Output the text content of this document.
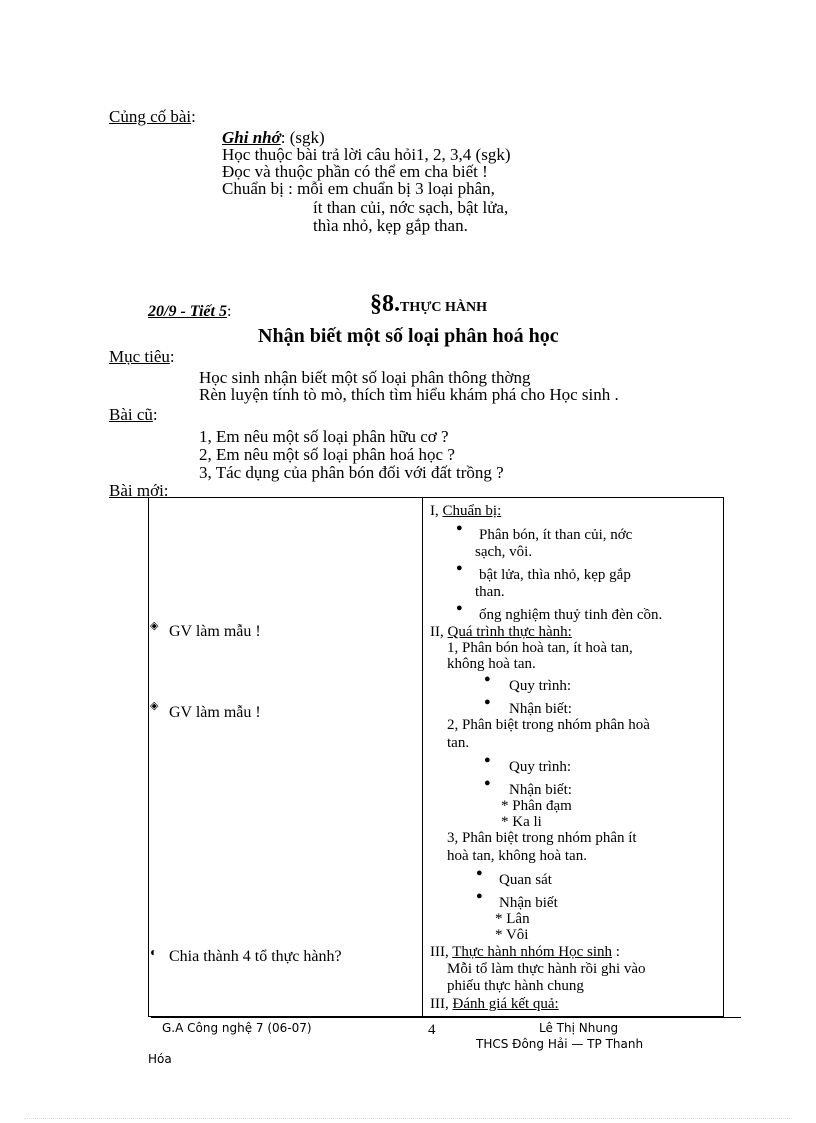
Củng cố bài:
Ghi nhớ: (sgk)
Học thuộc bài trả lời câu hỏi1, 2, 3,4 (sgk)
Đọc và thuộc phần có thể em cha biết !
Chuẩn bị : mỗi em chuẩn bị 3 loại phân,
ít than củi, nớc sạch, bật lửa,
thìa nhỏ, kẹp gắp than.
20/9 - Tiết 5:	§8.THỰC HÀNH
Nhận biết một số loại phân hoá học
Mục tiêu:
Học sinh nhận biết một số loại phân thông thờng
Rèn luyện tính tò mò, thích tìm hiểu khám phá cho Học sinh .
Bài cũ:
1, Em nêu một số loại phân hữu cơ ?
2, Em nêu một số loại phân hoá học ?
3, Tác dụng của phân bón đối với đất trồng ?
Bài mới:
◈ GV làm mẫu !
◈ GV làm mẫu !
◐ Chia thành 4 tổ thực hành?

I, Chuẩn bị:
● Phân bón, ít than củi, nớc
sạch, vôi.
● bật lửa, thìa nhỏ, kẹp gắp
than.
● ống nghiệm thuỷ tinh đèn cồn.
II, Quá trình thực hành:
1, Phân bón hoà tan, ít hoà tan,
không hoà tan.
● Quy trình:
● Nhận biết:
2, Phân biệt trong nhóm phân hoà
tan.
● Quy trình:
● Nhận biết:
* Phân đạm
* Ka li
3, Phân biệt trong nhóm phân ít
hoà tan, không hoà tan.
● Quan sát
● Nhận biết
* Lân
* Vôi
III, Thực hành nhóm Học sinh :
Mỗi tổ làm thực hành rồi ghi vào
phiếu thực hành chung
III, Đánh giá kết quả:
G.A Công nghệ 7 (06-07)	4	Lê Thị Nhung
THCS Đông Hải — TP Thanh
Hóa
